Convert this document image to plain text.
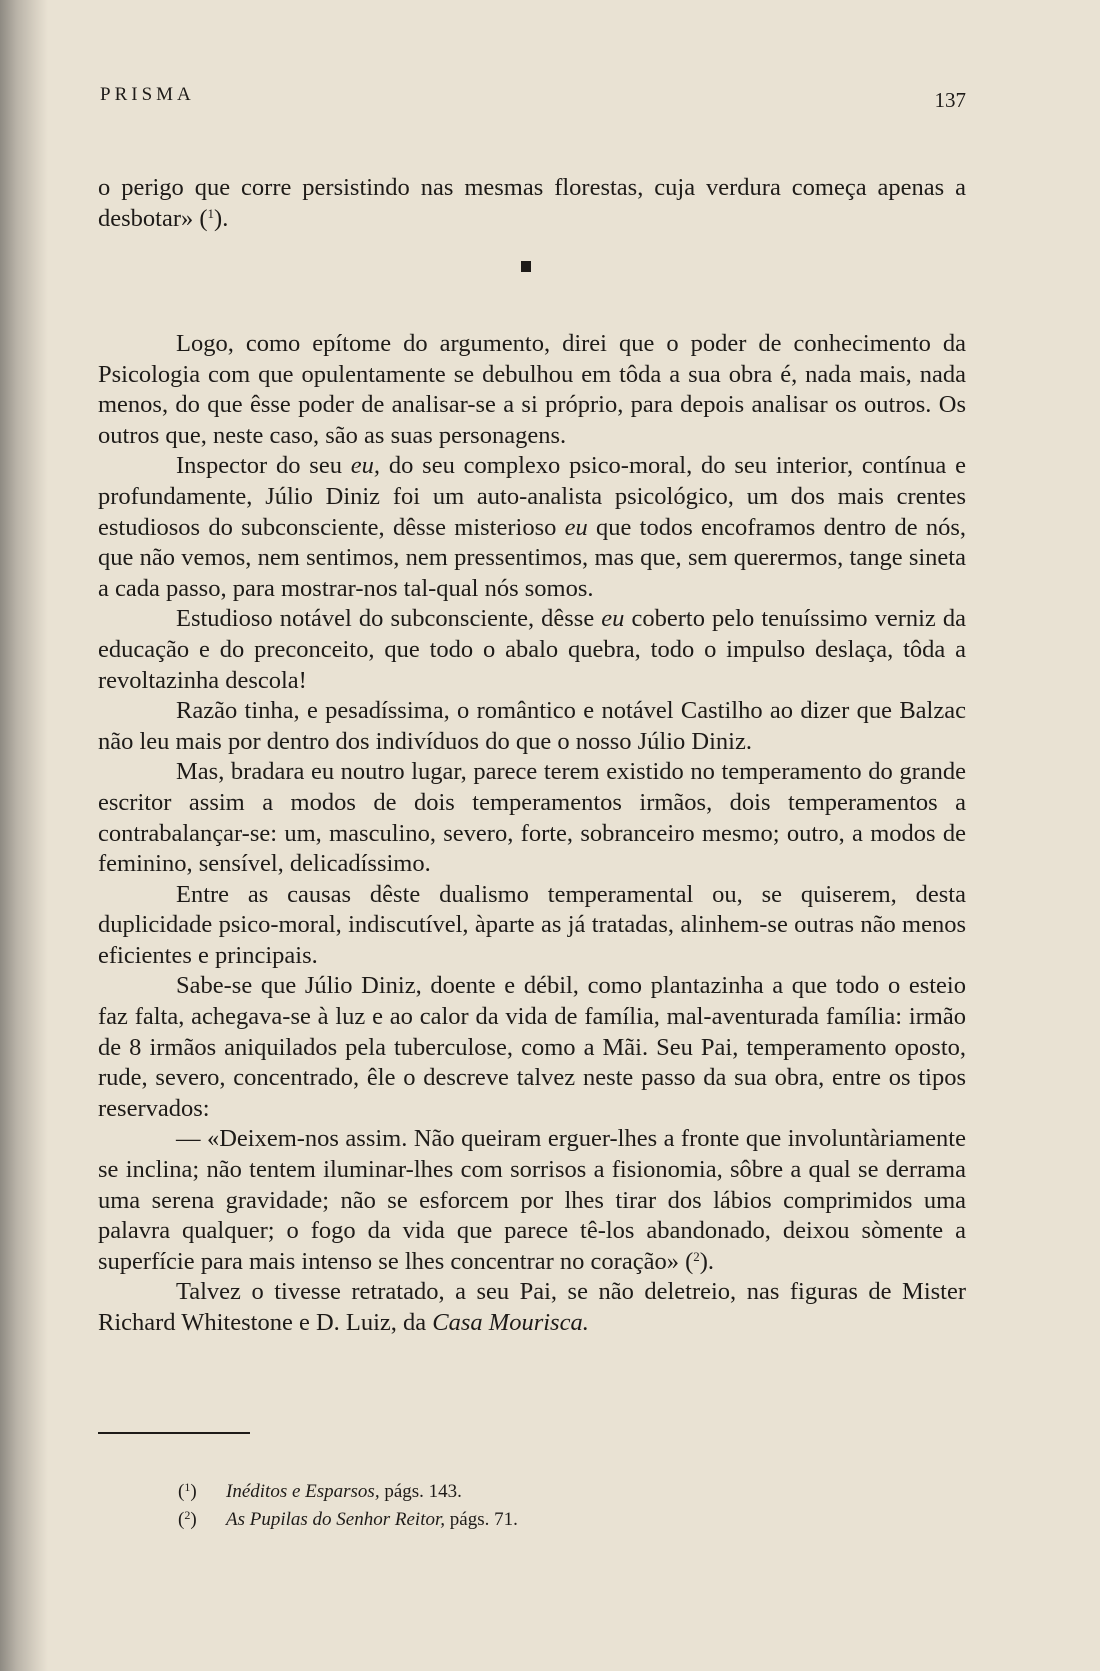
PRISMA	137

o perigo que corre persistindo nas mesmas florestas, cuja verdura começa apenas a desbotar» ($^1$).

Logo, como epítome do argumento, direi que o poder de conhecimento da Psicologia com que opulentamente se debulhou em tôda a sua obra é, nada mais, nada menos, do que êsse poder de analisar-se a si próprio, para depois analisar os outros. Os outros que, neste caso, são as suas personagens.

Inspector do seu eu, do seu complexo psico-moral, do seu interior, contínua e profundamente, Júlio Diniz foi um auto-analista psicológico, um dos mais crentes estudiosos do subconsciente, dêsse misterioso eu que todos encoframos dentro de nós, que não vemos, nem sentimos, nem pressentimos, mas que, sem querermos, tange sineta a cada passo, para mostrar-nos tal-qual nós somos.

Estudioso notável do subconsciente, dêsse eu coberto pelo tenuíssimo verniz da educação e do preconceito, que todo o abalo quebra, todo o impulso deslaça, tôda a revoltazinha descola!

Razão tinha, e pesadíssima, o romântico e notável Castilho ao dizer que Balzac não leu mais por dentro dos indivíduos do que o nosso Júlio Diniz.

Mas, bradara eu noutro lugar, parece terem existido no temperamento do grande escritor assim a modos de dois temperamentos irmãos, dois temperamentos a contrabalançar-se: um, masculino, severo, forte, sobranceiro mesmo; outro, a modos de feminino, sensível, delicadíssimo.

Entre as causas dêste dualismo temperamental ou, se quiserem, desta duplicidade psico-moral, indiscutível, àparte as já tratadas, alinhem-se outras não menos eficientes e principais.

Sabe-se que Júlio Diniz, doente e débil, como plantazinha a que todo o esteio faz falta, achegava-se à luz e ao calor da vida de família, mal-aventurada família: irmão de 8 irmãos aniquilados pela tuberculose, como a Mãi. Seu Pai, temperamento oposto, rude, severo, concentrado, êle o descreve talvez neste passo da sua obra, entre os tipos reservados:

— «Deixem-nos assim. Não queiram erguer-lhes a fronte que involuntàriamente se inclina; não tentem iluminar-lhes com sorrisos a fisionomia, sôbre a qual se derrama uma serena gravidade; não se esforcem por lhes tirar dos lábios comprimidos uma palavra qualquer; o fogo da vida que parece tê-los abandonado, deixou sòmente a superfície para mais intenso se lhes concentrar no coração» ($^2$).

Talvez o tivesse retratado, a seu Pai, se não deletreio, nas figuras de Mister Richard Whitestone e D. Luiz, da Casa Mourisca.

($^1$) Inéditos e Esparsos, págs. 143.
($^2$) As Pupilas do Senhor Reitor, págs. 71.
